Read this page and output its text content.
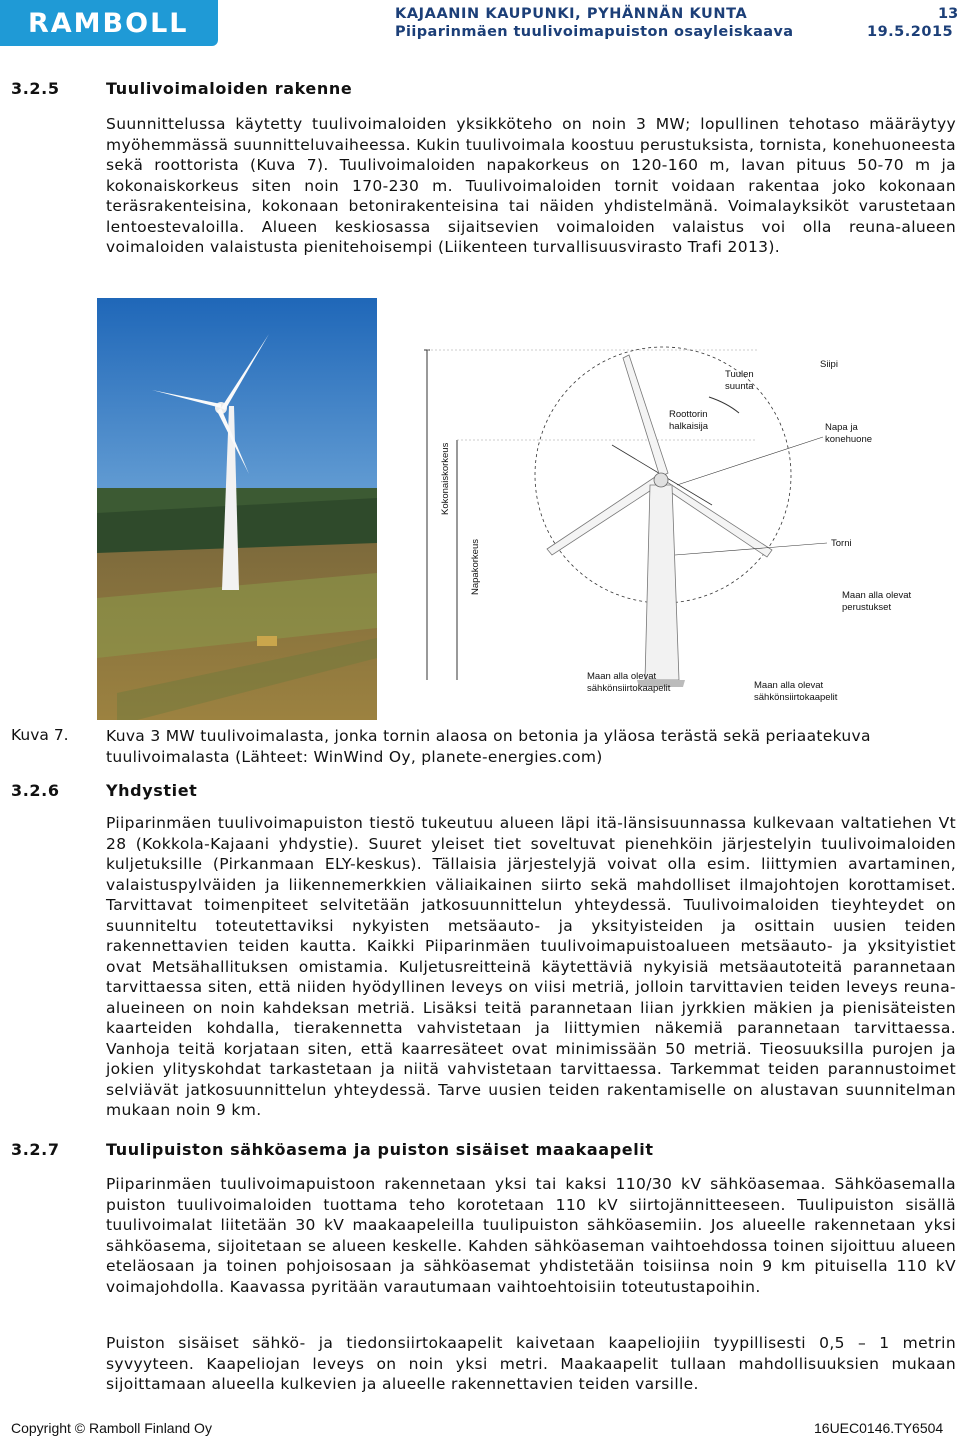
RAMBOLL	KAJAANIN KAUPUNKI, PYHÄNNÄN KUNTA
Piiparinmäen tuulivoimapuiston osayleiskaava
13
19.5.2015
3.2.5	Tuulivoimaloiden rakenne

Suunnittelussa käytetty tuulivoimaloiden yksikköteho on noin 3 MW; lopullinen tehotaso määräytyy myöhemmässä suunnitteluvaiheessa. Kukin tuulivoimala koostuu perustuksista, tornista, konehuoneesta sekä roottorista (Kuva 7). Tuulivoimaloiden napakorkeus on 120-160 m, lavan pituus 50-70 m ja kokonaiskorkeus siten noin 170-230 m. Tuulivoimaloiden tornit voidaan rakentaa joko kokonaan teräsrakenteisina, kokonaan betonirakenteisina tai näiden yhdistelmänä. Voimalayksiköt varustetaan lentoestevaloilla. Alueen keskiosassa sijaitsevien voimaloiden valaistus voi olla reuna-alueen voimaloiden valaistusta pienitehoisempi (Liikenteen turvallisuusvirasto Trafi 2013).

Kokonaiskorkeus
Napakorkeus
Tuulen
suunta
Siipi
Roottorin
halkaisija	Napa ja
konehuone
Torni
Maan alla olevat
perustukset
Maan alla olevat
sähkönsiirtokaapelit	Maan alla olevat
sähkönsiirtokaapelit
Kuva 7. Kuva 3 MW tuulivoimalasta, jonka tornin alaosa on betonia ja yläosa terästä sekä periaatekuva tuulivoimalasta (Lähteet: WinWind Oy, planete-energies.com)

3.2.6	Yhdystiet

Piiparinmäen tuulivoimapuiston tiestö tukeutuu alueen läpi itä-länsisuunnassa kulkevaan valtatiehen Vt 28 (Kokkola-Kajaani yhdystie). Suuret yleiset tiet soveltuvat pienehköin järjestelyin tuulivoimaloiden kuljetuksille (Pirkanmaan ELY-keskus). Tällaisia järjestelyjä voivat olla esim. liittymien avartaminen, valaistuspylväiden ja liikennemerkkien väliaikainen siirto sekä mahdolliset ilmajohtojen korottamiset. Tarvittavat toimenpiteet selvitetään jatkosuunnittelun yhteydessä. Tuulivoimaloiden tieyhteydet on suunniteltu toteutettaviksi nykyisten metsäauto- ja yksityisteiden ja osittain uusien teiden rakennettavien teiden kautta. Kaikki Piiparinmäen tuulivoimapuistoalueen metsäauto- ja yksityistiet ovat Metsähallituksen omistamia. Kuljetusreitteinä käytettäviä nykyisiä metsäautoteitä parannetaan tarvittaessa siten, että niiden hyödyllinen leveys on viisi metriä, jolloin tarvittavien teiden leveys reuna-alueineen on noin kahdeksan metriä. Lisäksi teitä parannetaan liian jyrkkien mäkien ja pienisäteisten kaarteiden kohdalla, tierakennetta vahvistetaan ja liittymien näkemiä parannetaan tarvittaessa. Vanhoja teitä korjataan siten, että kaarresäteet ovat minimissään 50 metriä. Tieosuuksilla purojen ja jokien ylityskohdat tarkastetaan ja niitä vahvistetaan tarvittaessa. Tarkemmat teiden parannustoimet selviävät jatkosuunnittelun yhteydessä. Tarve uusien teiden rakentamiselle on alustavan suunnitelman mukaan noin 9 km.

3.2.7	Tuulipuiston sähköasema ja puiston sisäiset maakaapelit

Piiparinmäen tuulivoimapuistoon rakennetaan yksi tai kaksi 110/30 kV sähköasemaa. Sähköasemalla puiston tuulivoimaloiden tuottama teho korotetaan 110 kV siirtojännitteeseen. Tuulipuiston sisällä tuulivoimalat liitetään 30 kV maakaapeleilla tuulipuiston sähköasemiin. Jos alueelle rakennetaan yksi sähköasema, sijoitetaan se alueen keskelle. Kahden sähköaseman vaihtoehdossa toinen sijoittuu alueen eteläosaan ja toinen pohjoisosaan ja sähköasemat yhdistetään toisiinsa noin 9 km pituisella 110 kV voimajohdolla. Kaavassa pyritään varautumaan vaihtoehtoisiin toteutustapoihin.

Puiston sisäiset sähkö- ja tiedonsiirtokaapelit kaivetaan kaapeliojiin tyypillisesti 0,5 – 1 metrin syvyyteen. Kaapeliojan leveys on noin yksi metri. Maakaapelit tullaan mahdollisuuksien mukaan sijoittamaan alueella kulkevien ja alueelle rakennettavien teiden varsille.

Copyright © Ramboll Finland Oy	16UEC0146.TY6504
